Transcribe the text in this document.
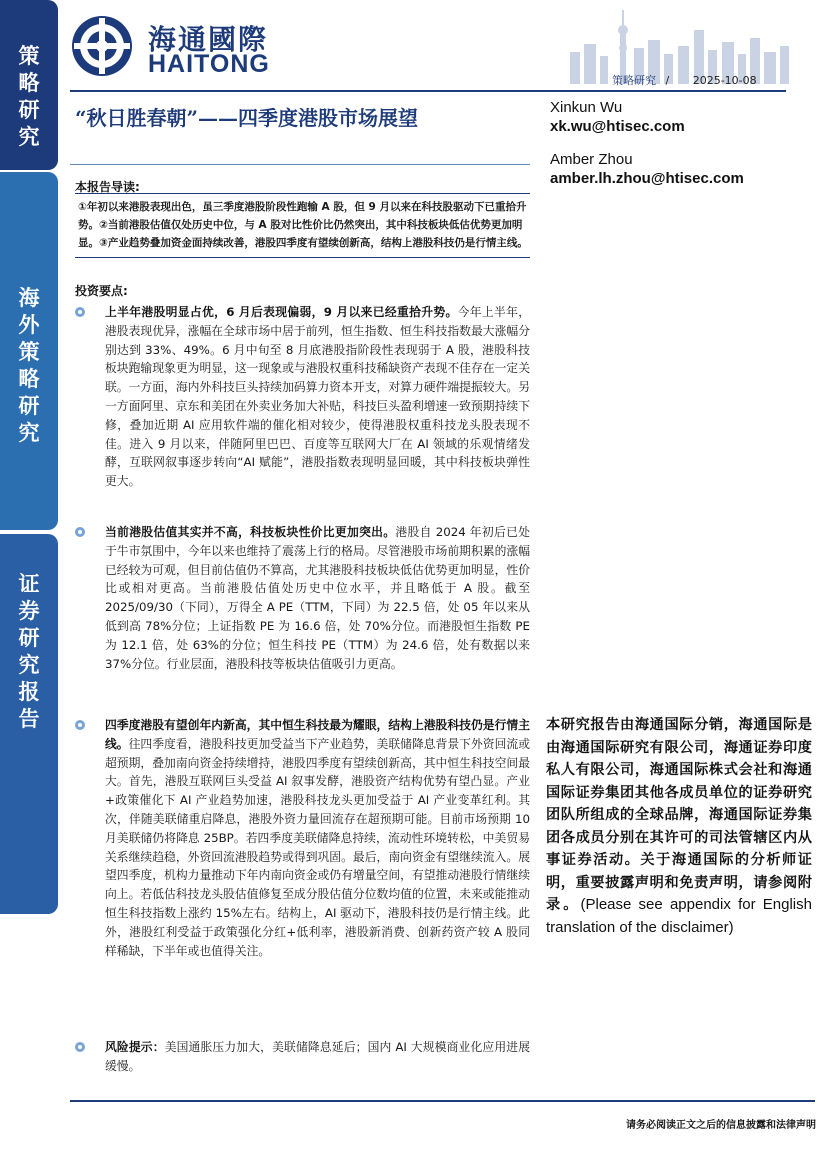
策略研究
海外策略研究
证券研究报告
海通國際
HAITONG
策略研究 / 2025-10-08
“秋日胜春朝”——四季度港股市场展望	Xinkun Wu
xk.wu@htisec.com
Amber Zhou
amber.lh.zhou@htisec.com
本报告导读:
①年初以来港股表现出色，虽三季度港股阶段性跑输 A 股，但 9 月以来在科技股驱动下已重拾升势。②当前港股估值仅处历史中位，与 A 股对比性价比仍然突出，其中科技板块低估优势更加明显。③产业趋势叠加资金面持续改善，港股四季度有望续创新高，结构上港股科技仍是行情主线。
投资要点:
上半年港股明显占优，6 月后表现偏弱，9 月以来已经重拾升势。今年上半年，港股表现优异，涨幅在全球市场中居于前列，恒生指数、恒生科技指数最大涨幅分别达到 33%、49%。6 月中旬至 8 月底港股指阶段性表现弱于 A 股，港股科技板块跑输现象更为明显，这一现象或与港股权重科技稀缺资产表现不佳存在一定关联。一方面，海内外科技巨头持续加码算力资本开支，对算力硬件端提振较大。另一方面阿里、京东和美团在外卖业务加大补贴，科技巨头盈利增速一致预期持续下修，叠加近期 AI 应用软件端的催化相对较少，使得港股权重科技龙头股表现不佳。进入 9 月以来，伴随阿里巴巴、百度等互联网大厂在 AI 领域的乐观情绪发酵，互联网叙事逐步转向“AI 赋能”，港股指数表现明显回暖，其中科技板块弹性更大。
当前港股估值其实并不高，科技板块性价比更加突出。港股自 2024 年初后已处于牛市氛围中，今年以来也维持了震荡上行的格局。尽管港股市场前期积累的涨幅已经较为可观，但目前估值仍不算高，尤其港股科技板块低估优势更加明显，性价比或相对更高。当前港股估值处历史中位水平，并且略低于 A 股。截至 2025/09/30（下同），万得全 A PE（TTM，下同）为 22.5 倍，处 05 年以来从低到高 78%分位；上证指数 PE 为 16.6 倍，处 70%分位。而港股恒生指数 PE 为 12.1 倍，处 63%的分位；恒生科技 PE（TTM）为 24.6 倍，处有数据以来 37%分位。行业层面，港股科技等板块估值吸引力更高。
四季度港股有望创年内新高，其中恒生科技最为耀眼，结构上港股科技仍是行情主线。往四季度看，港股科技更加受益当下产业趋势，美联储降息背景下外资回流或超预期，叠加南向资金持续增持，港股四季度有望续创新高，其中恒生科技空间最大。首先，港股互联网巨头受益 AI 叙事发酵，港股资产结构优势有望凸显。产业+政策催化下 AI 产业趋势加速，港股科技龙头更加受益于 AI 产业变革红利。其次，伴随美联储重启降息，港股外资力量回流存在超预期可能。目前市场预期 10 月美联储仍将降息 25BP。若四季度美联储降息持续，流动性环境转松，中美贸易关系继续趋稳，外资回流港股趋势或得到巩固。最后，南向资金有望继续流入。展望四季度，机构力量推动下年内南向资金或仍有增量空间，有望推动港股行情继续向上。若低估科技龙头股估值修复至成分股估值分位数均值的位置，未来或能推动恒生科技指数上涨约 15%左右。结构上，AI 驱动下，港股科技仍是行情主线。此外，港股红利受益于政策强化分红+低利率，港股新消费、创新药资产较 A 股同样稀缺，下半年或也值得关注。
风险提示：美国通胀压力加大，美联储降息延后；国内 AI 大规模商业化应用进展缓慢。
本研究报告由海通国际分销，海通国际是由海通国际研究有限公司，海通证券印度私人有限公司，海通国际株式会社和海通国际证券集团其他各成员单位的证券研究团队所组成的全球品牌，海通国际证券集团各成员分别在其许可的司法管辖区内从事证券活动。关于海通国际的分析师证明，重要披露声明和免责声明，请参阅附录。(Please see appendix for English translation of the disclaimer)
请务必阅读正文之后的信息披露和法律声明
